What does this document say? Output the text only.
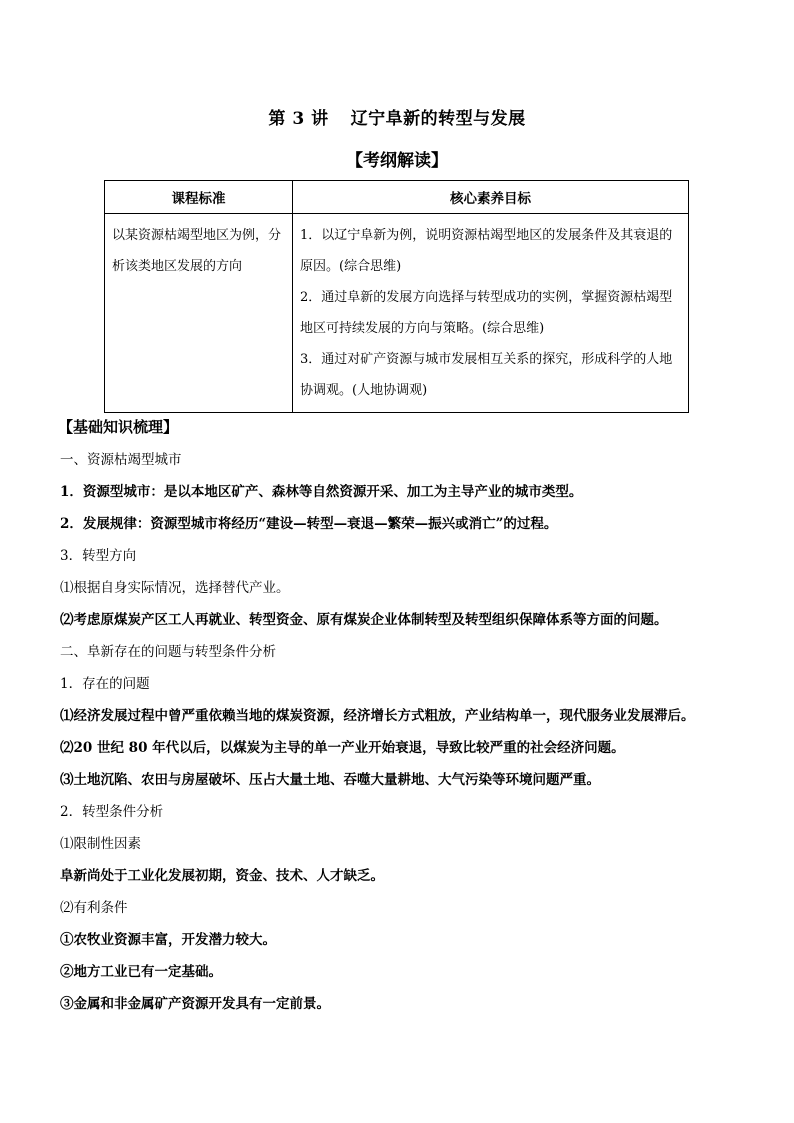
第 3 讲 辽宁阜新的转型与发展
【考纲解读】
课程标准	核心素养目标
以某资源枯竭型地区为例，分析该类地区发展的方向	1．以辽宁阜新为例，说明资源枯竭型地区的发展条件及其衰退的原因。(综合思维)
2．通过阜新的发展方向选择与转型成功的实例，掌握资源枯竭型地区可持续发展的方向与策略。(综合思维)
3．通过对矿产资源与城市发展相互关系的探究，形成科学的人地协调观。(人地协调观)
【基础知识梳理】
一、资源枯竭型城市
1．资源型城市：是以本地区矿产、森林等自然资源开采、加工为主导产业的城市类型。
2．发展规律：资源型城市将经历“建设—转型—衰退—繁荣—振兴或消亡”的过程。
3．转型方向
⑴根据自身实际情况，选择替代产业。
⑵考虑原煤炭产区工人再就业、转型资金、原有煤炭企业体制转型及转型组织保障体系等方面的问题。
二、阜新存在的问题与转型条件分析
1．存在的问题
⑴经济发展过程中曾严重依赖当地的煤炭资源，经济增长方式粗放，产业结构单一，现代服务业发展滞后。
⑵20 世纪 80 年代以后，以煤炭为主导的单一产业开始衰退，导致比较严重的社会经济问题。
⑶土地沉陷、农田与房屋破坏、压占大量土地、吞噬大量耕地、大气污染等环境问题严重。
2．转型条件分析
⑴限制性因素
阜新尚处于工业化发展初期，资金、技术、人才缺乏。
⑵有利条件
①农牧业资源丰富，开发潜力较大。
②地方工业已有一定基础。
③金属和非金属矿产资源开发具有一定前景。
